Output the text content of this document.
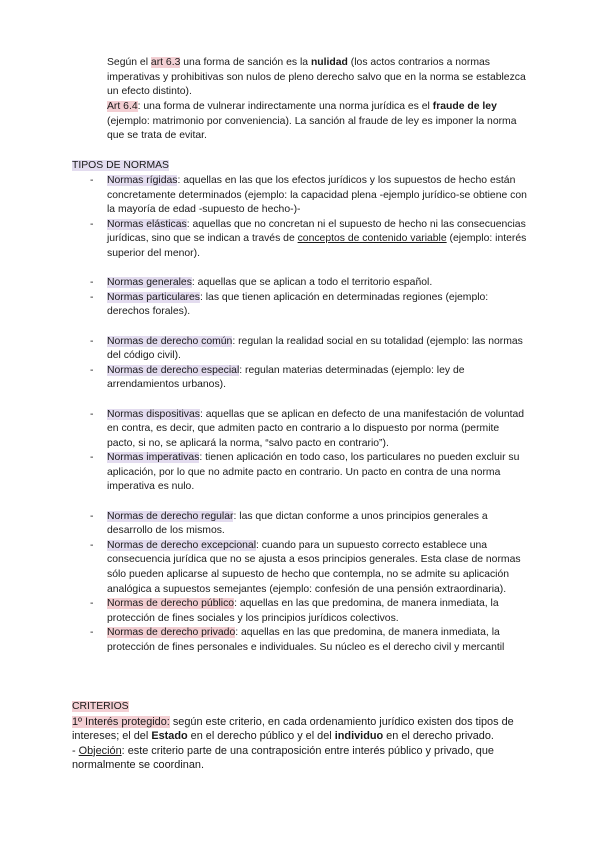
Según el art 6.3 una forma de sanción es la nulidad (los actos contrarios a normas imperativas y prohibitivas son nulos de pleno derecho salvo que en la norma se establezca un efecto distinto).

Art 6.4: una forma de vulnerar indirectamente una norma jurídica es el fraude de ley (ejemplo: matrimonio por conveniencia). La sanción al fraude de ley es imponer la norma que se trata de evitar.

TIPOS DE NORMAS

- Normas rígidas: aquellas en las que los efectos jurídicos y los supuestos de hecho están concretamente determinados (ejemplo: la capacidad plena -ejemplo jurídico-se obtiene con la mayoría de edad -supuesto de hecho-)-

- Normas elásticas: aquellas que no concretan ni el supuesto de hecho ni las consecuencias jurídicas, sino que se indican a través de conceptos de contenido variable (ejemplo: interés superior del menor).

- Normas generales: aquellas que se aplican a todo el territorio español.

- Normas particulares: las que tienen aplicación en determinadas regiones (ejemplo: derechos forales).

- Normas de derecho común: regulan la realidad social en su totalidad (ejemplo: las normas del código civil).

- Normas de derecho especial: regulan materias determinadas (ejemplo: ley de arrendamientos urbanos).

- Normas dispositivas: aquellas que se aplican en defecto de una manifestación de voluntad en contra, es decir, que admiten pacto en contrario a lo dispuesto por norma (permite pacto, si no, se aplicará la norma, “salvo pacto en contrario”).

- Normas imperativas: tienen aplicación en todo caso, los particulares no pueden excluir su aplicación, por lo que no admite pacto en contrario. Un pacto en contra de una norma imperativa es nulo.

- Normas de derecho regular: las que dictan conforme a unos principios generales a desarrollo de los mismos.

- Normas de derecho excepcional: cuando para un supuesto correcto establece una consecuencia jurídica que no se ajusta a esos principios generales. Esta clase de normas sólo pueden aplicarse al supuesto de hecho que contempla, no se admite su aplicación analógica a supuestos semejantes (ejemplo: confesión de una pensión extraordinaria).

- Normas de derecho público: aquellas en las que predomina, de manera inmediata, la protección de fines sociales y los principios jurídicos colectivos.

- Normas de derecho privado: aquellas en las que predomina, de manera inmediata, la protección de fines personales e individuales. Su núcleo es el derecho civil y mercantil

CRITERIOS

1º Interés protegido: según este criterio, en cada ordenamiento jurídico existen dos tipos de intereses; el del Estado en el derecho público y el del individuo en el derecho privado.

- Objeción: este criterio parte de una contraposición entre interés público y privado, que normalmente se coordinan.
